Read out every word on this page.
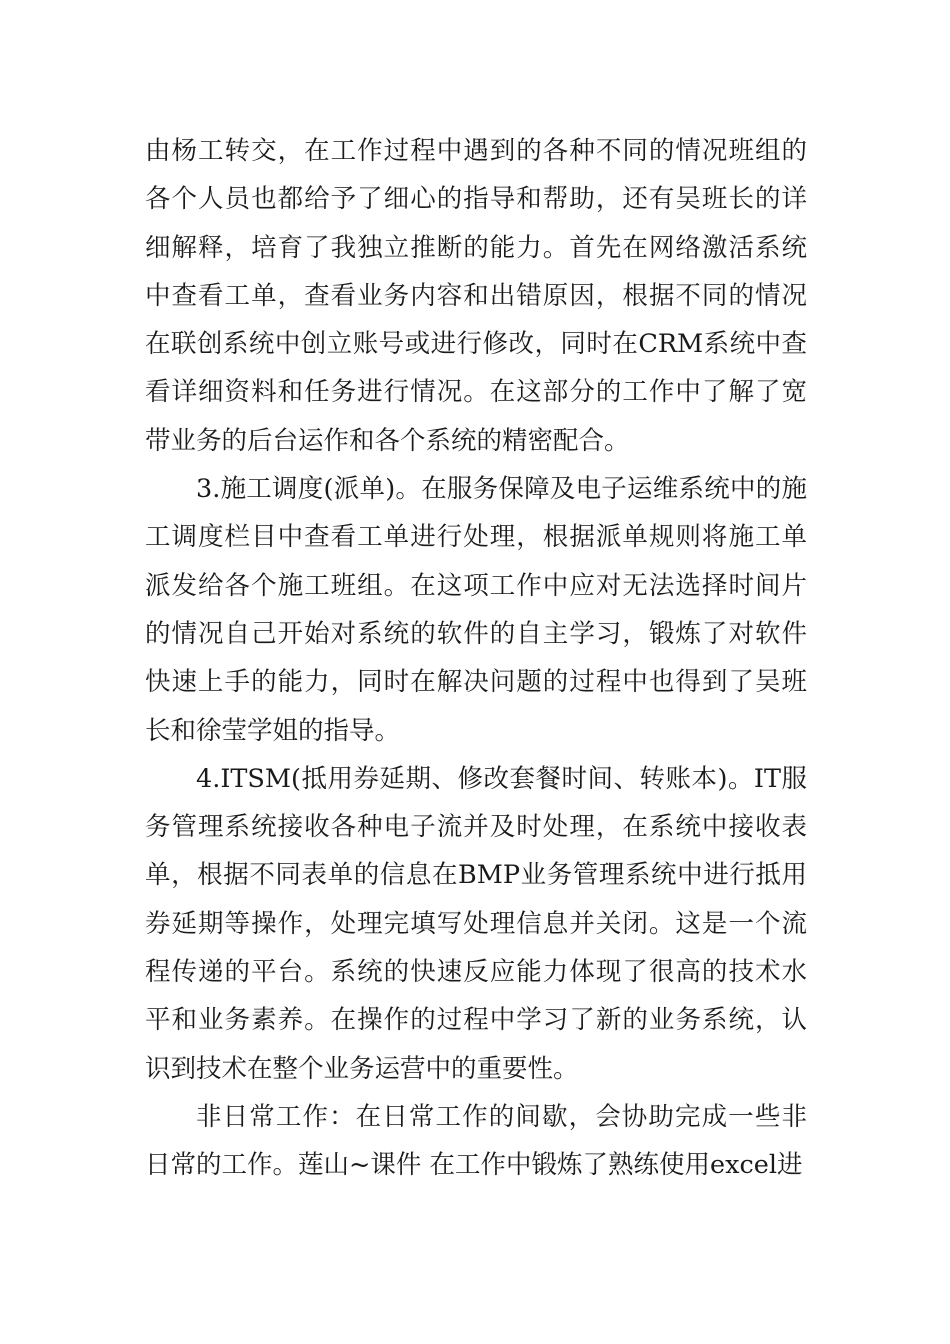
由杨工转交，在工作过程中遇到的各种不同的情况班组的各个人员也都给予了细心的指导和帮助，还有吴班长的详细解释，培育了我独立推断的能力。首先在网络激活系统中查看工单，查看业务内容和出错原因，根据不同的情况在联创系统中创立账号或进行修改，同时在CRM系统中查看详细资料和任务进行情况。在这部分的工作中了解了宽带业务的后台运作和各个系统的精密配合。

3.施工调度(派单)。在服务保障及电子运维系统中的施工调度栏目中查看工单进行处理，根据派单规则将施工单派发给各个施工班组。在这项工作中应对无法选择时间片的情况自己开始对系统的软件的自主学习，锻炼了对软件快速上手的能力，同时在解决问题的过程中也得到了吴班长和徐莹学姐的指导。

4.ITSM(抵用券延期、修改套餐时间、转账本)。IT服务管理系统接收各种电子流并及时处理，在系统中接收表单，根据不同表单的信息在BMP业务管理系统中进行抵用券延期等操作，处理完填写处理信息并关闭。这是一个流程传递的平台。系统的快速反应能力体现了很高的技术水平和业务素养。在操作的过程中学习了新的业务系统，认识到技术在整个业务运营中的重要性。

非日常工作：在日常工作的间歇，会协助完成一些非日常的工作。莲山~课件 在工作中锻炼了熟练使用excel进
